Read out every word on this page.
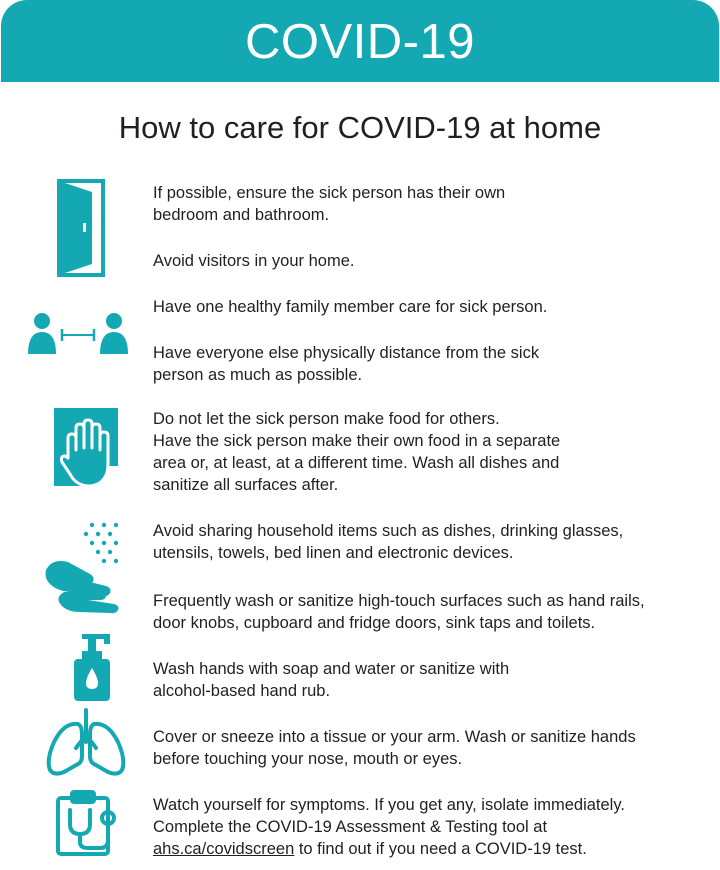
COVID-19
How to care for COVID-19 at home

If possible, ensure the sick person has their own
bedroom and bathroom.

Avoid visitors in your home.

Have one healthy family member care for sick person.

Have everyone else physically distance from the sick
person as much as possible.

Do not let the sick person make food for others.
Have the sick person make their own food in a separate
area or, at least, at a different time. Wash all dishes and
sanitize all surfaces after.

Avoid sharing household items such as dishes, drinking glasses,
utensils, towels, bed linen and electronic devices.

Frequently wash or sanitize high-touch surfaces such as hand rails,
door knobs, cupboard and fridge doors, sink taps and toilets.

Wash hands with soap and water or sanitize with
alcohol-based hand rub.

Cover or sneeze into a tissue or your arm. Wash or sanitize hands
before touching your nose, mouth or eyes.

Watch yourself for symptoms. If you get any, isolate immediately.
Complete the COVID-19 Assessment & Testing tool at
ahs.ca/covidscreen to find out if you need a COVID-19 test.
